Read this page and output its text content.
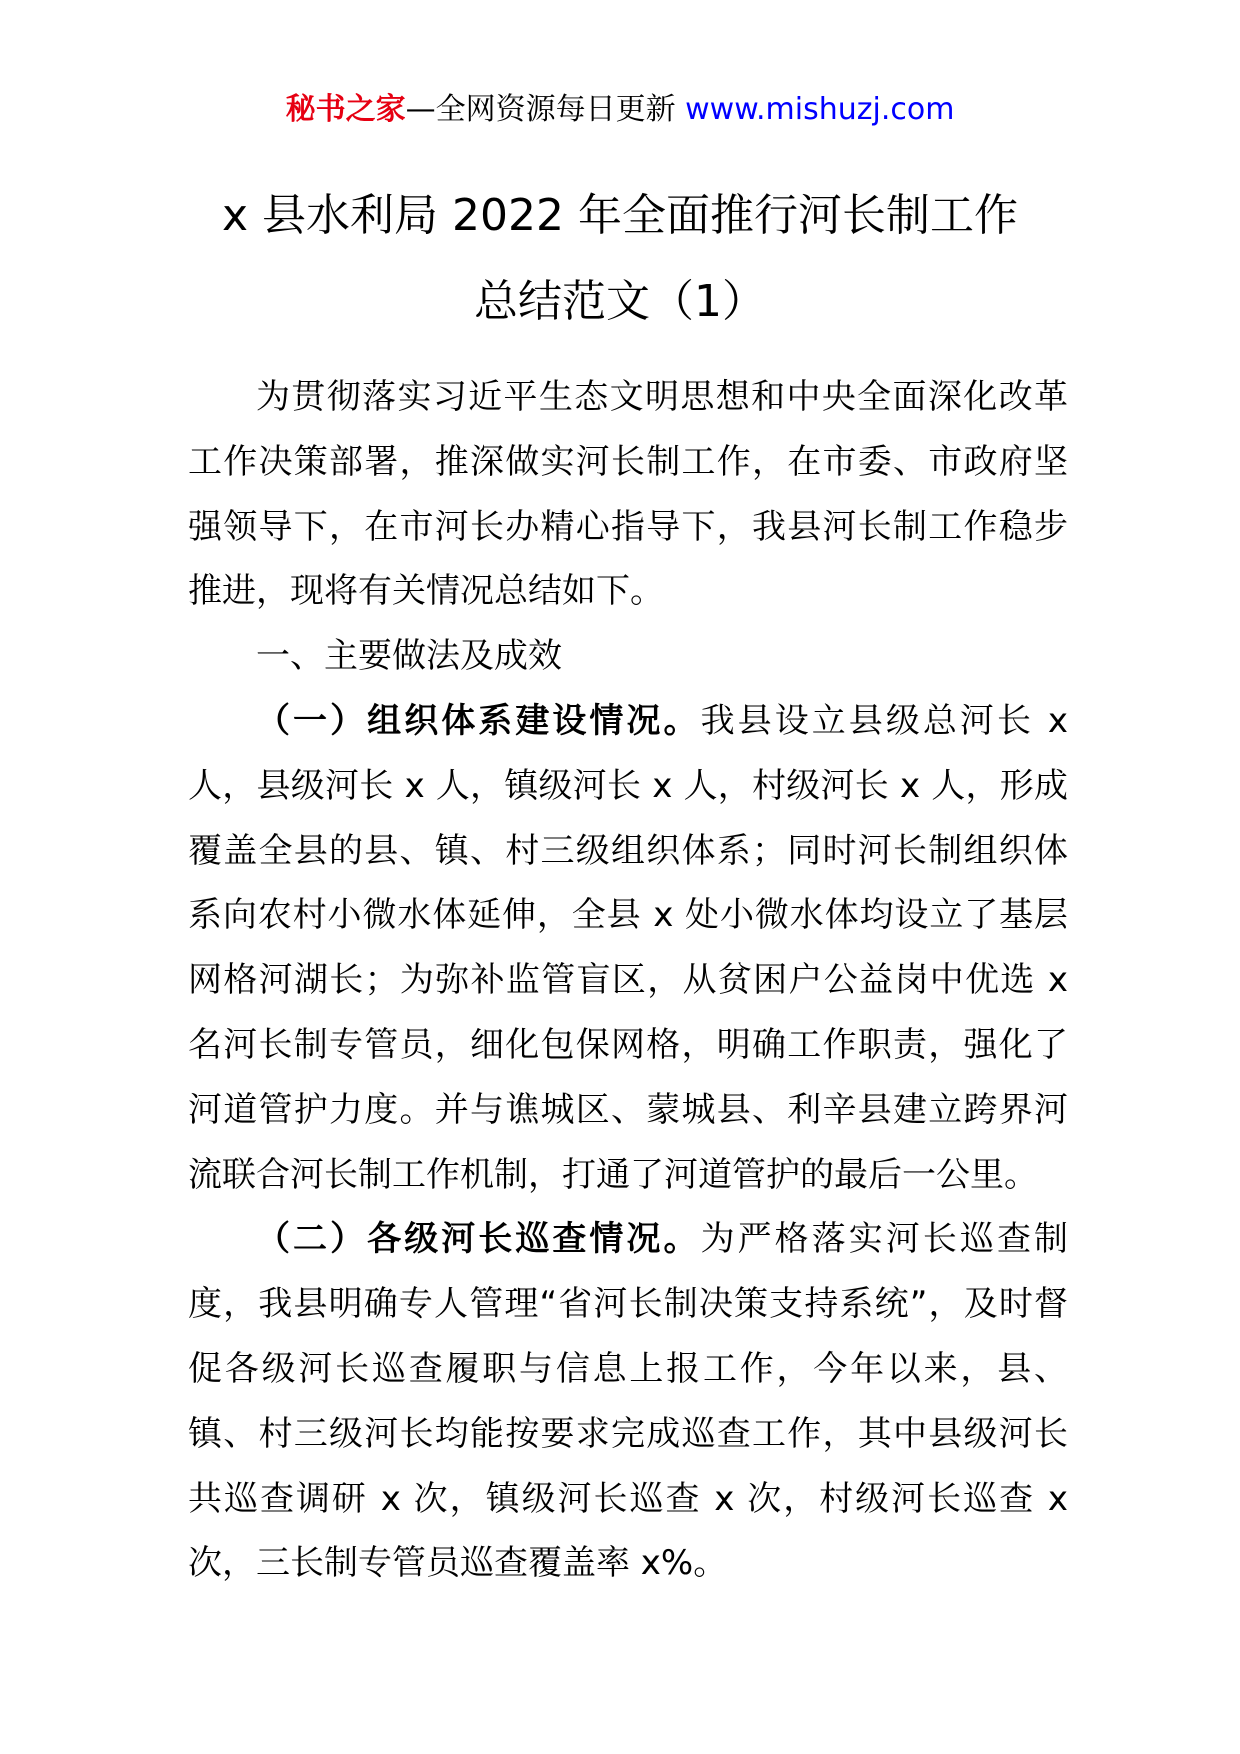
秘书之家—全网资源每日更新 www.mishuzj.com
x 县水利局 2022 年全面推行河长制工作
总结范文（1）

为贯彻落实习近平生态文明思想和中央全面深化改革工作决策部署，推深做实河长制工作，在市委、市政府坚强领导下，在市河长办精心指导下，我县河长制工作稳步推进，现将有关情况总结如下。

一、主要做法及成效

（一）组织体系建设情况。我县设立县级总河长 x 人，县级河长 x 人，镇级河长 x 人，村级河长 x 人，形成覆盖全县的县、镇、村三级组织体系；同时河长制组织体系向农村小微水体延伸，全县 x 处小微水体均设立了基层网格河湖长；为弥补监管盲区，从贫困户公益岗中优选 x 名河长制专管员，细化包保网格，明确工作职责，强化了河道管护力度。并与谯城区、蒙城县、利辛县建立跨界河流联合河长制工作机制，打通了河道管护的最后一公里。

（二）各级河长巡查情况。为严格落实河长巡查制度，我县明确专人管理“省河长制决策支持系统”，及时督促各级河长巡查履职与信息上报工作，今年以来，县、镇、村三级河长均能按要求完成巡查工作，其中县级河长共巡查调研 x 次，镇级河长巡查 x 次，村级河长巡查 x 次，三长制专管员巡查覆盖率 x%。
